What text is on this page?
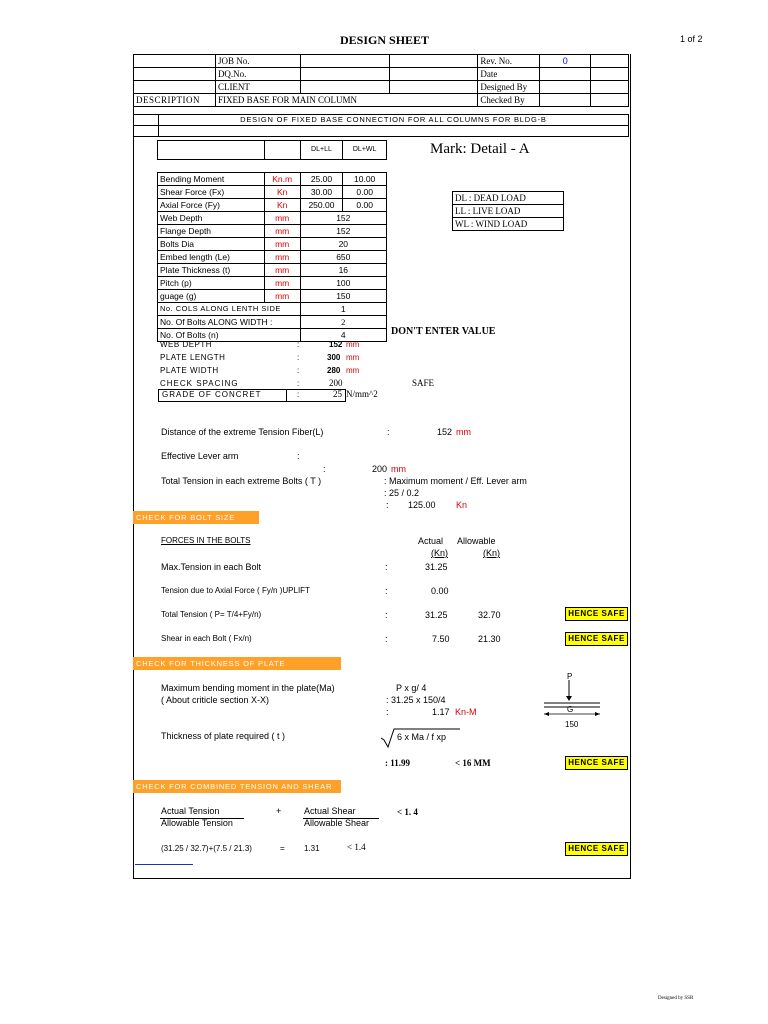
DESIGN SHEET	1 of 2
	JOB No.			Rev. No.	0	
	DQ.No.			Date		
	CLIENT			Designed By		
DESCRIPTION	FIXED BASE FOR MAIN COLUMN			Checked By		
	DESIGN OF FIXED BASE CONNECTION FOR ALL COLUMNS FOR BLDG-B

		DL+LL	DL+WL

Bending Moment	Kn.m	25.00	10.00
Shear Force (Fx)	Kn	30.00	0.00
Axial Force (Fy)	Kn	250.00	0.00
Web Depth	mm	152	
Flange Depth	mm	152	
Bolts Dia	mm	20	
Embed length (Le)	mm	650	
Plate Thickness (t)	mm	16	
Pitch (p)	mm	100	
guage (g)	mm	150	
No. COLS ALONG LENTH SIDE		1	
No. Of Bolts ALONG WIDTH :		2	
No. Of Bolts (n)		4	
Mark: Detail - A
DL : DEAD LOAD
LL : LIVE LOAD
WL : WIND LOAD
DON'T ENTER VALUE
WEB DEPTH	:	152 mm
PLATE LENGTH	:	300 mm
PLATE WIDTH	:	280 mm
CHECK SPACING	:	200	SAFE
GRADE OF CONCRET	:	25 N/mm^2
Distance of the extreme Tension Fiber(L)	:	152 mm
Effective Lever arm	:
:	200 mm
Total Tension in each extreme Bolts ( T )	: Maximum moment / Eff. Lever arm
: 25 / 0.2
: 125.00 Kn
CHECK FOR BOLT SIZE
FORCES IN THE BOLTS	Actual Allowable
(Kn)	(Kn)
Max.Tension in each Bolt	:	31.25
Tension due to Axial Force ( Fy/n )UPLIFT	:	0.00
Total Tension ( P= T/4+Fy/n)	:	31.25	32.70	HENCE SAFE
Shear in each Bolt ( Fx/n)	:	7.50	21.30	HENCE SAFE
CHECK FOR THICKNESS OF PLATE
Maximum bending moment in the plate(Ma)	P x g/ 4
( About criticle section X-X)	: 31.25 x 150/4
:	1.17 Kn-M
Thickness of plate required ( t )	6 x Ma / f xp
: 11.99	< 16 MM	HENCE SAFE
P
G
150
CHECK FOR COMBINED TENSION AND SHEAR
Actual Tension
Allowable Tension
+	Actual Shear
Allowable Shear
< 1. 4
(31.25 / 32.7)+(7.5 / 21.3)	= 1.31	< 1.4	HENCE SAFE
Designed by SSR
